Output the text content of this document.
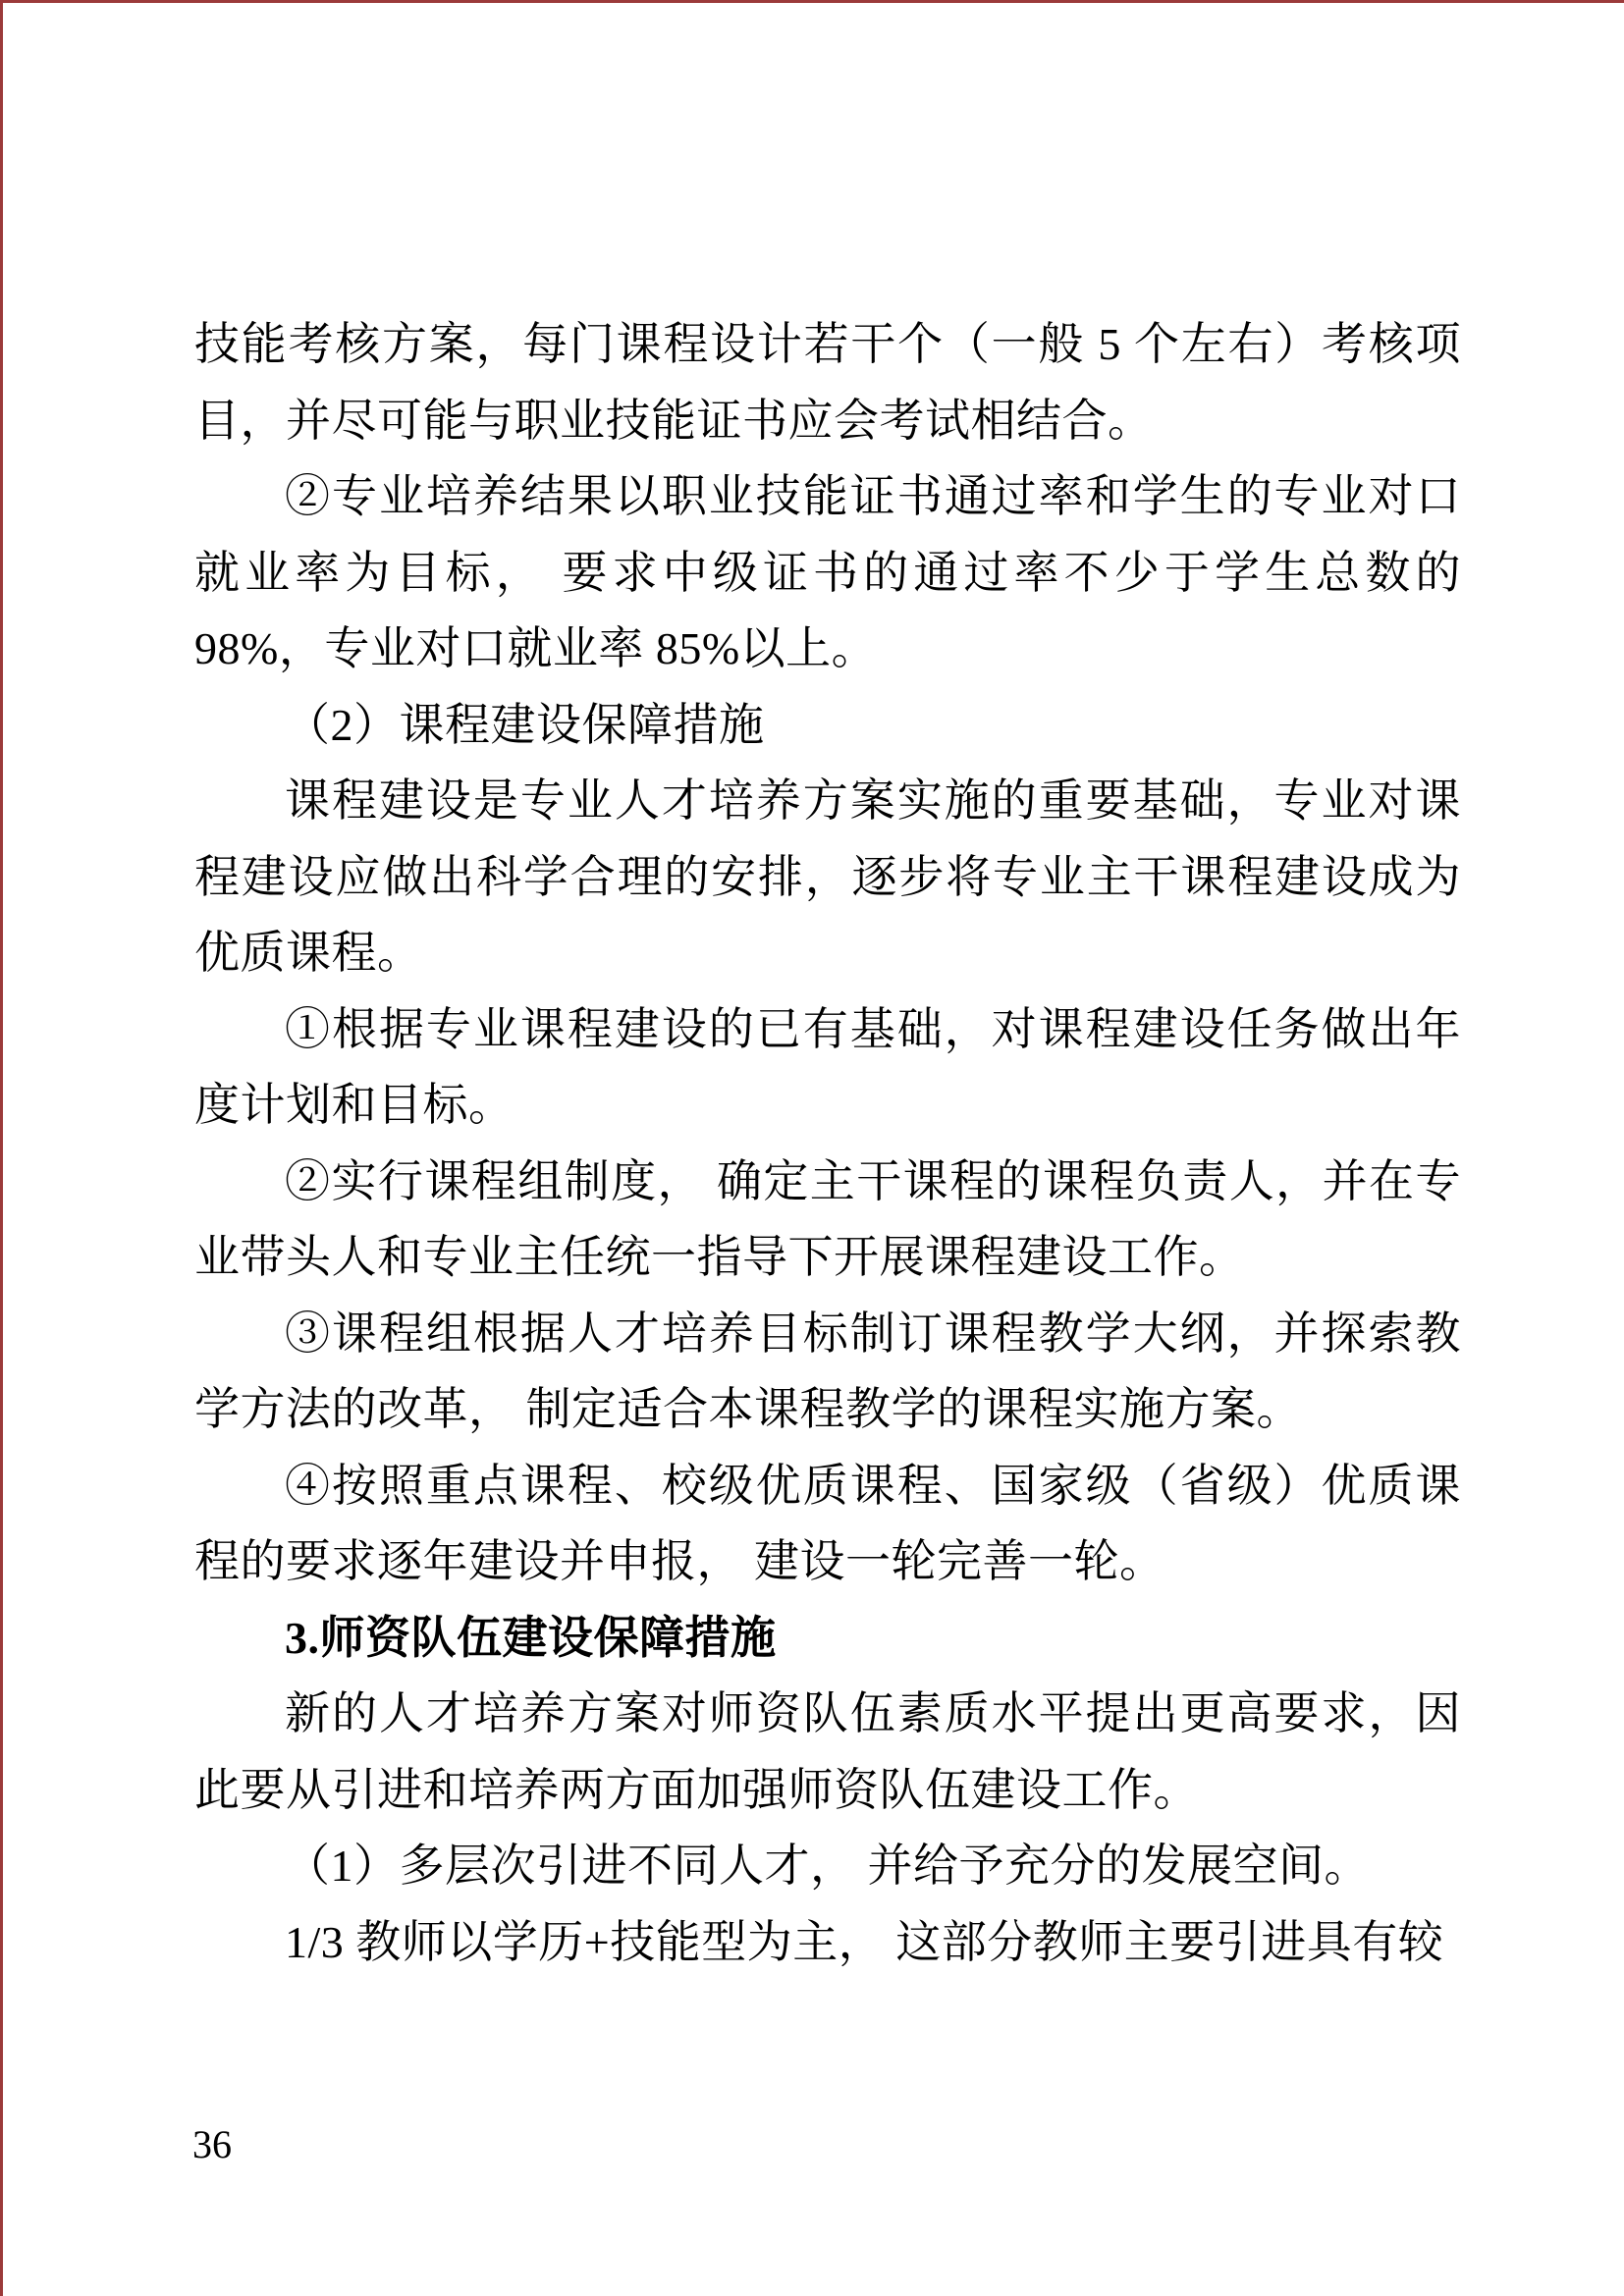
技能考核方案，每门课程设计若干个（一般 5 个左右）考核项目，并尽可能与职业技能证书应会考试相结合。

②专业培养结果以职业技能证书通过率和学生的专业对口就业率为目标， 要求中级证书的通过率不少于学生总数的 98%，专业对口就业率 85%以上。

（2）课程建设保障措施

课程建设是专业人才培养方案实施的重要基础，专业对课程建设应做出科学合理的安排，逐步将专业主干课程建设成为优质课程。

①根据专业课程建设的已有基础，对课程建设任务做出年度计划和目标。

②实行课程组制度， 确定主干课程的课程负责人，并在专业带头人和专业主任统一指导下开展课程建设工作。

③课程组根据人才培养目标制订课程教学大纲，并探索教学方法的改革， 制定适合本课程教学的课程实施方案。

④按照重点课程、校级优质课程、国家级（省级）优质课程的要求逐年建设并申报， 建设一轮完善一轮。

3.师资队伍建设保障措施

新的人才培养方案对师资队伍素质水平提出更高要求，因此要从引进和培养两方面加强师资队伍建设工作。

（1）多层次引进不同人才， 并给予充分的发展空间。

1/3 教师以学历+技能型为主， 这部分教师主要引进具有较

36
